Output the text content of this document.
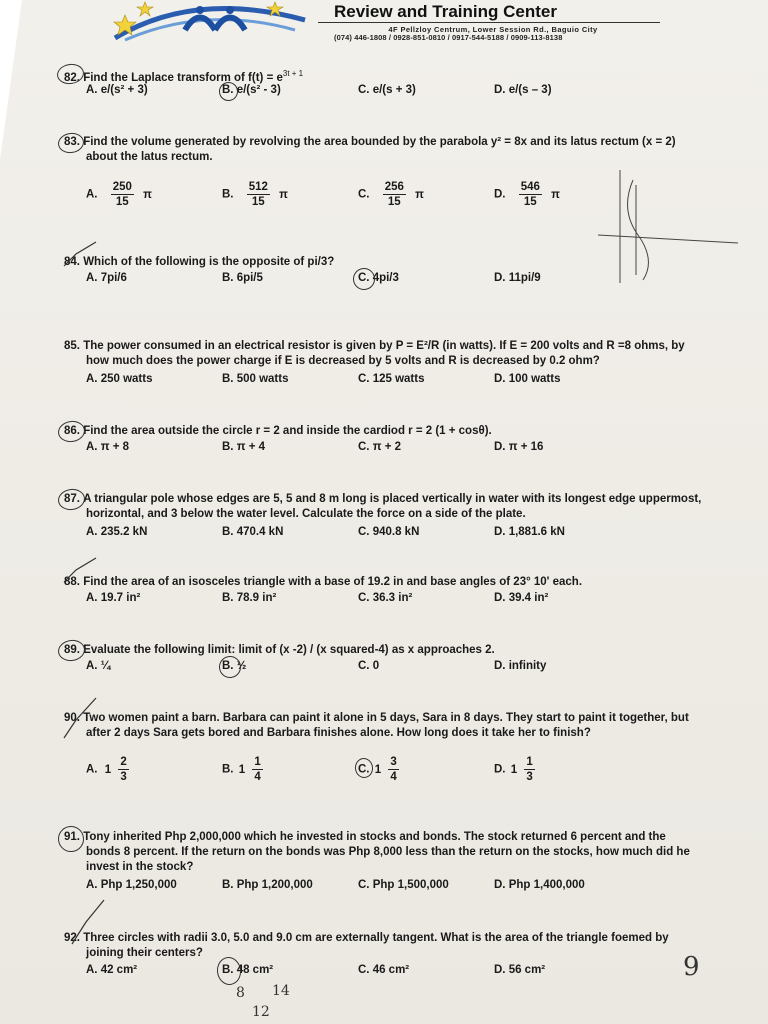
Review and Training Center
4F Pellzloy Centrum, Lower Session Rd., Baguio City
(074) 446-1808 / 0928-851-0810 / 0917-544-5188 / 0909-113-8138
82. Find the Laplace transform of $f(t) = e^{3t + 1}$
A. e/(s² + 3)	B. e/(s² - 3)	C. e/(s + 3)	D. e/(s – 3)
83. Find the volume generated by revolving the area bounded by the parabola y² = 8x and its latus rectum (x = 2)
about the latus rectum.
A. $\frac{250}{15}$ π	B. $\frac{512}{15}$ π	C. $\frac{256}{15}$ π	D. $\frac{546}{15}$ π
84. Which of the following is the opposite of pi/3?
A. 7pi/6	B. 6pi/5	C. 4pi/3	D. 11pi/9
85. The power consumed in an electrical resistor is given by P = E²/R (in watts). If E = 200 volts and R =8 ohms, by
how much does the power charge if E is decreased by 5 volts and R is decreased by 0.2 ohm?
A. 250 watts	B. 500 watts	C. 125 watts	D. 100 watts
86. Find the area outside the circle r = 2 and inside the cardiod r = 2 (1 + cosθ).
A. π + 8	B. π + 4	C. π + 2	D. π + 16
87. A triangular pole whose edges are 5, 5 and 8 m long is placed vertically in water with its longest edge uppermost,
horizontal, and 3 below the water level. Calculate the force on a side of the plate.
A. 235.2 kN	B. 470.4 kN	C. 940.8 kN	D. 1,881.6 kN
88. Find the area of an isosceles triangle with a base of 19.2 in and base angles of 23° 10' each.
A. 19.7 in²	B. 78.9 in²	C. 36.3 in²	D. 39.4 in²
89. Evaluate the following limit: limit of (x -2) / (x squared-4) as x approaches 2.
A. ¼	B. ½	C. 0	D. infinity
90. Two women paint a barn. Barbara can paint it alone in 5 days, Sara in 8 days. They start to paint it together, but
after 2 days Sara gets bored and Barbara finishes alone. How long does it take her to finish?
A. $1 \frac{2}{3}$	B. $1 \frac{1}{4}$	C. $1 \frac{3}{4}$	D. $1 \frac{1}{3}$
91. Tony inherited Php 2,000,000 which he invested in stocks and bonds. The stock returned 6 percent and the
bonds 8 percent. If the return on the bonds was Php 8,000 less than the return on the stocks, how much did he
invest in the stock?
A. Php 1,250,000	B. Php 1,200,000	C. Php 1,500,000	D. Php 1,400,000
92. Three circles with radii 3.0, 5.0 and 9.0 cm are externally tangent. What is the area of the triangle foemed by
joining their centers?
A. 42 cm²	B. 48 cm²	C. 46 cm²	D. 56 cm²	9
8 14
12
